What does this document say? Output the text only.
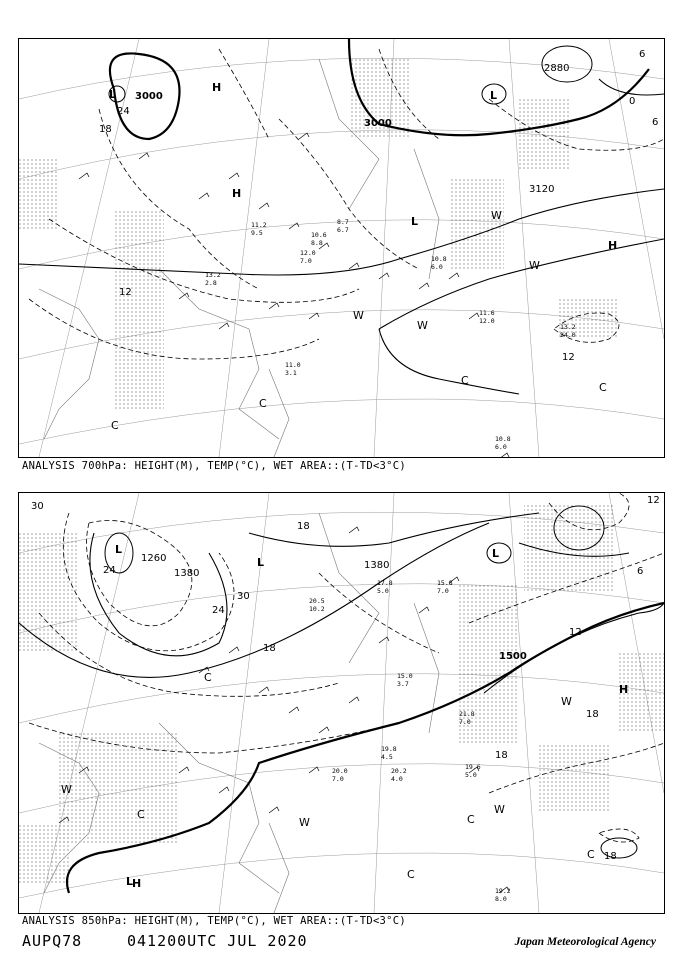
3000
3000
2880
3120
18
24
12
0
6
12
6
L	L
L
H
H
H
W
W
W
W
C
C
C
C
11.2
9.5	10.6
8.8
8.7
6.7
12.0
7.0
13.2
2.8
10.8
6.0
11.6
12.0
10.8
6.0
11.0
3.1
13.2
24.0
ANALYSIS 700hPa: HEIGHT(M), TEMP(°C), WET AREA::(T-TD<3°C)
1260
1380
1380
1500
30
24
30
24
18
18
12
6
18
18
18
12
L
L
L
L
H
H
W
W
W
W
C
C
C
C
C
20.5
10.2
17.8
5.0
15.8
7.0
20.0
7.0
19.8
4.5
20.2
4.0
19.6
5.0
19.2
8.0
21.8
7.0
15.0
3.7
ANALYSIS 850hPa: HEIGHT(M), TEMP(°C), WET AREA::(T-TD<3°C)
AUPQ78	041200UTC JUL 2020	Japan Meteorological Agency
